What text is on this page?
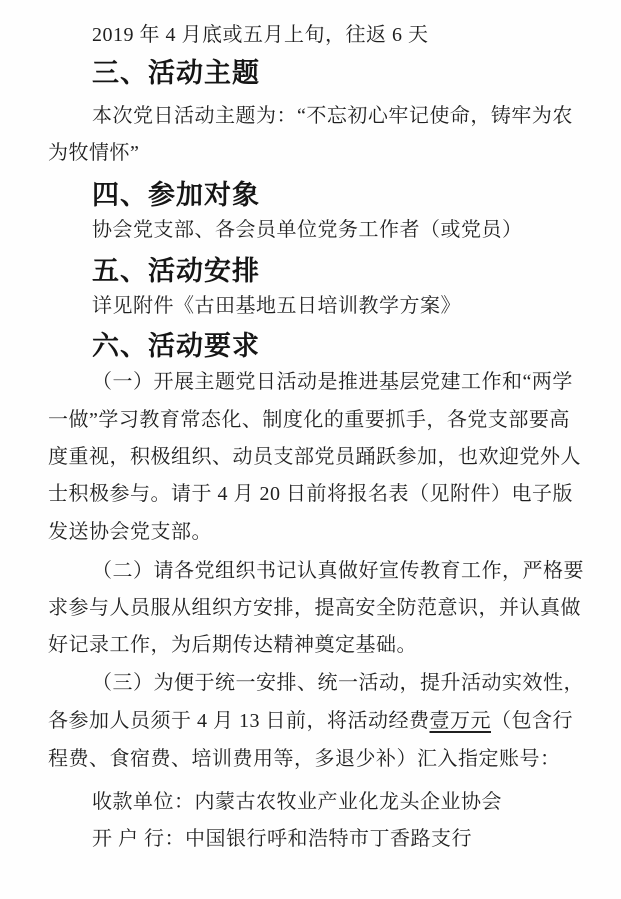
2019 年 4 月底或五月上旬，往返 6 天
三、活动主题
本次党日活动主题为：“不忘初心牢记使命，铸牢为农
为牧情怀”
四、参加对象
协会党支部、各会员单位党务工作者（或党员）
五、活动安排
详见附件《古田基地五日培训教学方案》
六、活动要求
（一）开展主题党日活动是推进基层党建工作和“两学
一做”学习教育常态化、制度化的重要抓手，各党支部要高
度重视，积极组织、动员支部党员踊跃参加，也欢迎党外人
士积极参与。请于 4 月 20 日前将报名表（见附件）电子版
发送协会党支部。
（二）请各党组织书记认真做好宣传教育工作，严格要
求参与人员服从组织方安排，提高安全防范意识，并认真做
好记录工作，为后期传达精神奠定基础。
（三）为便于统一安排、统一活动，提升活动实效性，
各参加人员须于 4 月 13 日前，将活动经费壹万元（包含行
程费、食宿费、培训费用等，多退少补）汇入指定账号：
收款单位：内蒙古农牧业产业化龙头企业协会
开 户 行：中国银行呼和浩特市丁香路支行
